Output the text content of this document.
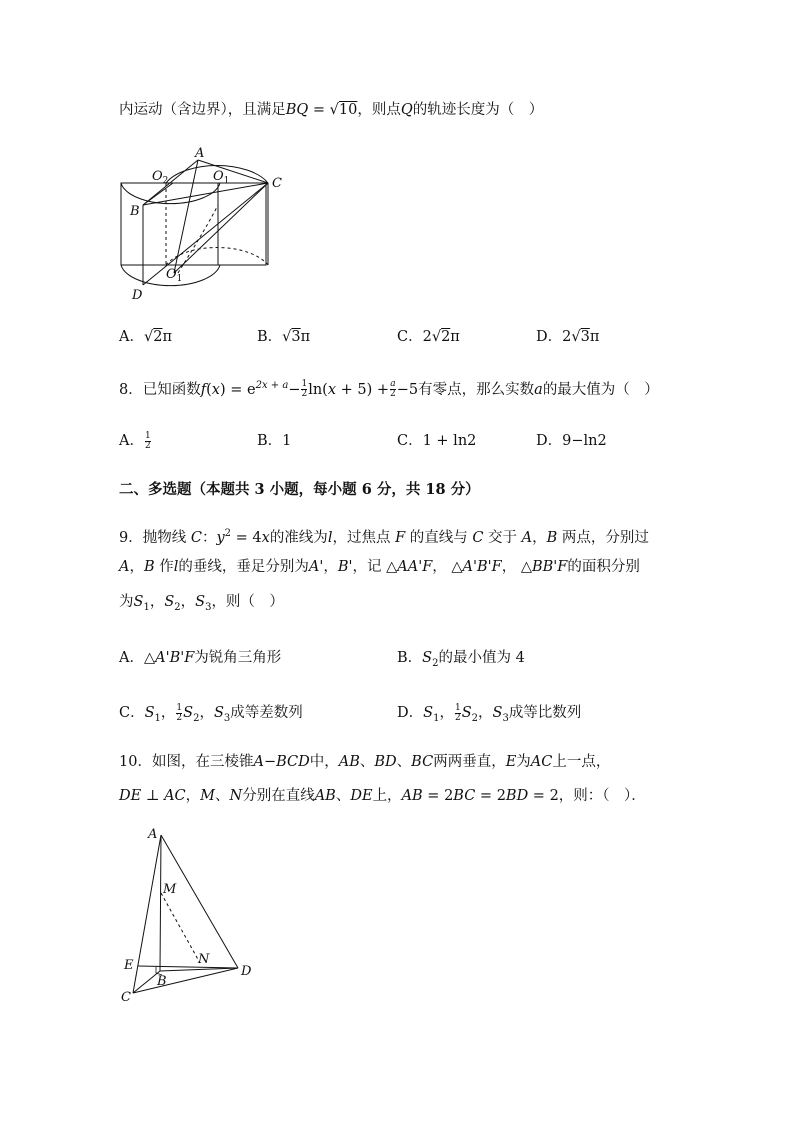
内运动（含边界），且满足BQ = √10，则点Q的轨迹长度为（　）
A
$O_2$	$O_1$	C
B
$O_1$
D
A．√2π	B．√3π	C．2√2π	D．2√3π
8．已知函数$f(x) = e^{2x + a}- \frac{1}{2} \ln(x + 5) + \frac{a}{2} -5$有零点，那么实数a的最大值为（　）
A． $\frac{1}{2}$	B．1	C．1 + ln2	D．9−ln2
二、多选题（本题共 3 小题，每小题 6 分，共 18 分）
9．抛物线 C：$y^2 = 4x$的准线为l，过焦点 F 的直线与 C 交于 A，B 两点，分别过
A，B 作l的垂线，垂足分别为A'，B'，记 △AA'F， △A'B'F， △BB'F的面积分别
为$S_1$，$S_2$，$S_3$，则（　）
A．△A'B'F为锐角三角形	B．$S_2$的最小值为 4
C．$S_1$， $\frac{1}{2} S_2$，$S_3$成等差数列	D．$S_1$， $\frac{1}{2} S_2$，$S_3$成等比数列
10．如图，在三棱锥A−BCD中，AB、BD、BC两两垂直，E为AC上一点，
DE ⊥ AC，M、N分别在直线AB、DE上，AB = 2BC = 2BD = 2，则：（　）．
A
M
N
E	D
B
C
